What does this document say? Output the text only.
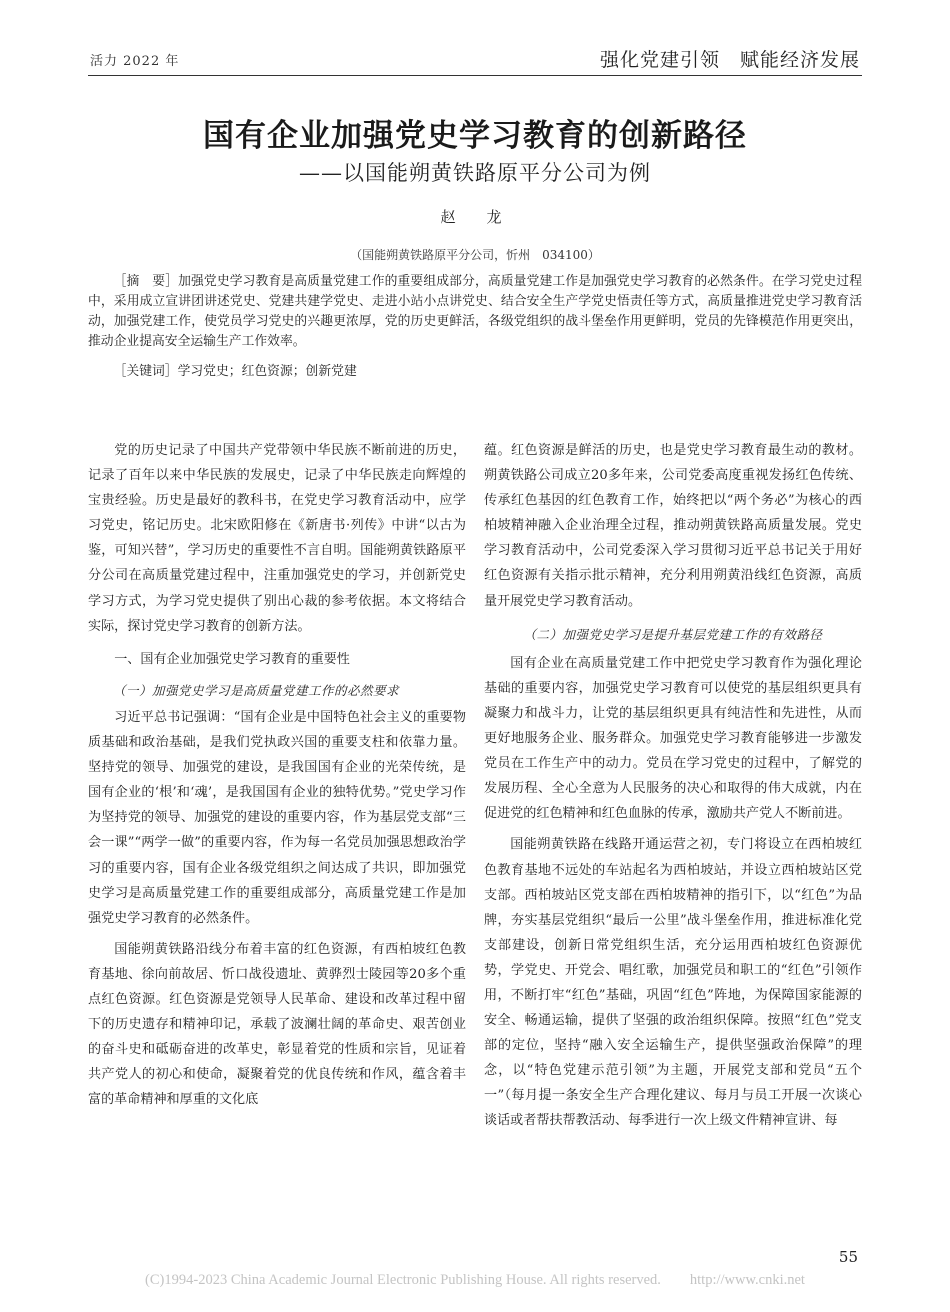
活力 2022 年	强化党建引领　赋能经济发展
国有企业加强党史学习教育的创新路径
——以国能朔黄铁路原平分公司为例
赵　龙
（国能朔黄铁路原平分公司，忻州　034100）

［摘　要］加强党史学习教育是高质量党建工作的重要组成部分，高质量党建工作是加强党史学习教育的必然条件。在学习党史过程中，采用成立宣讲团讲述党史、党建共建学党史、走进小站小点讲党史、结合安全生产学党史悟责任等方式，高质量推进党史学习教育活动，加强党建工作，使党员学习党史的兴趣更浓厚，党的历史更鲜活，各级党组织的战斗堡垒作用更鲜明，党员的先锋模范作用更突出，推动企业提高安全运输生产工作效率。

［关键词］学习党史；红色资源；创新党建

党的历史记录了中国共产党带领中华民族不断前进的历史，记录了百年以来中华民族的发展史，记录了中华民族走向辉煌的宝贵经验。历史是最好的教科书，在党史学习教育活动中，应学习党史，铭记历史。北宋欧阳修在《新唐书·列传》中讲“以古为鉴，可知兴替”，学习历史的重要性不言自明。国能朔黄铁路原平分公司在高质量党建过程中，注重加强党史的学习，并创新党史学习方式，为学习党史提供了别出心裁的参考依据。本文将结合实际，探讨党史学习教育的创新方法。

一、国有企业加强党史学习教育的重要性

（一）加强党史学习是高质量党建工作的必然要求

习近平总书记强调：“国有企业是中国特色社会主义的重要物质基础和政治基础，是我们党执政兴国的重要支柱和依靠力量。坚持党的领导、加强党的建设，是我国国有企业的光荣传统，是国有企业的‘根’和‘魂’，是我国国有企业的独特优势。”党史学习作为坚持党的领导、加强党的建设的重要内容，作为基层党支部“三会一课”“两学一做”的重要内容，作为每一名党员加强思想政治学习的重要内容，国有企业各级党组织之间达成了共识，即加强党史学习是高质量党建工作的重要组成部分，高质量党建工作是加强党史学习教育的必然条件。

国能朔黄铁路沿线分布着丰富的红色资源，有西柏坡红色教育基地、徐向前故居、忻口战役遗址、黄骅烈士陵园等20多个重点红色资源。红色资源是党领导人民革命、建设和改革过程中留下的历史遗存和精神印记，承载了波澜壮阔的革命史、艰苦创业的奋斗史和砥砺奋进的改革史，彰显着党的性质和宗旨，见证着共产党人的初心和使命，凝聚着党的优良传统和作风，蕴含着丰富的革命精神和厚重的文化底

蕴。红色资源是鲜活的历史，也是党史学习教育最生动的教材。朔黄铁路公司成立20多年来，公司党委高度重视发扬红色传统、传承红色基因的红色教育工作，始终把以“两个务必”为核心的西柏坡精神融入企业治理全过程，推动朔黄铁路高质量发展。党史学习教育活动中，公司党委深入学习贯彻习近平总书记关于用好红色资源有关指示批示精神，充分利用朔黄沿线红色资源，高质量开展党史学习教育活动。

（二）加强党史学习是提升基层党建工作的有效路径

国有企业在高质量党建工作中把党史学习教育作为强化理论基础的重要内容，加强党史学习教育可以使党的基层组织更具有凝聚力和战斗力，让党的基层组织更具有纯洁性和先进性，从而更好地服务企业、服务群众。加强党史学习教育能够进一步激发党员在工作生产中的动力。党员在学习党史的过程中，了解党的发展历程、全心全意为人民服务的决心和取得的伟大成就，内在促进党的红色精神和红色血脉的传承，激励共产党人不断前进。

国能朔黄铁路在线路开通运营之初，专门将设立在西柏坡红色教育基地不远处的车站起名为西柏坡站，并设立西柏坡站区党支部。西柏坡站区党支部在西柏坡精神的指引下，以“红色”为品牌，夯实基层党组织“最后一公里”战斗堡垒作用，推进标准化党支部建设，创新日常党组织生活，充分运用西柏坡红色资源优势，学党史、开党会、唱红歌，加强党员和职工的“红色”引领作用，不断打牢“红色”基础，巩固“红色”阵地，为保障国家能源的安全、畅通运输，提供了坚强的政治组织保障。按照“红色”党支部的定位，坚持“融入安全运输生产，提供坚强政治保障”的理念，以“特色党建示范引领”为主题，开展党支部和党员“五个一”（每月提一条安全生产合理化建议、每月与员工开展一次谈心谈话或者帮扶帮教活动、每季进行一次上级文件精神宣讲、每

55
(C)1994-2023 China Academic Journal Electronic Publishing House. All rights reserved.　　http://www.cnki.net
